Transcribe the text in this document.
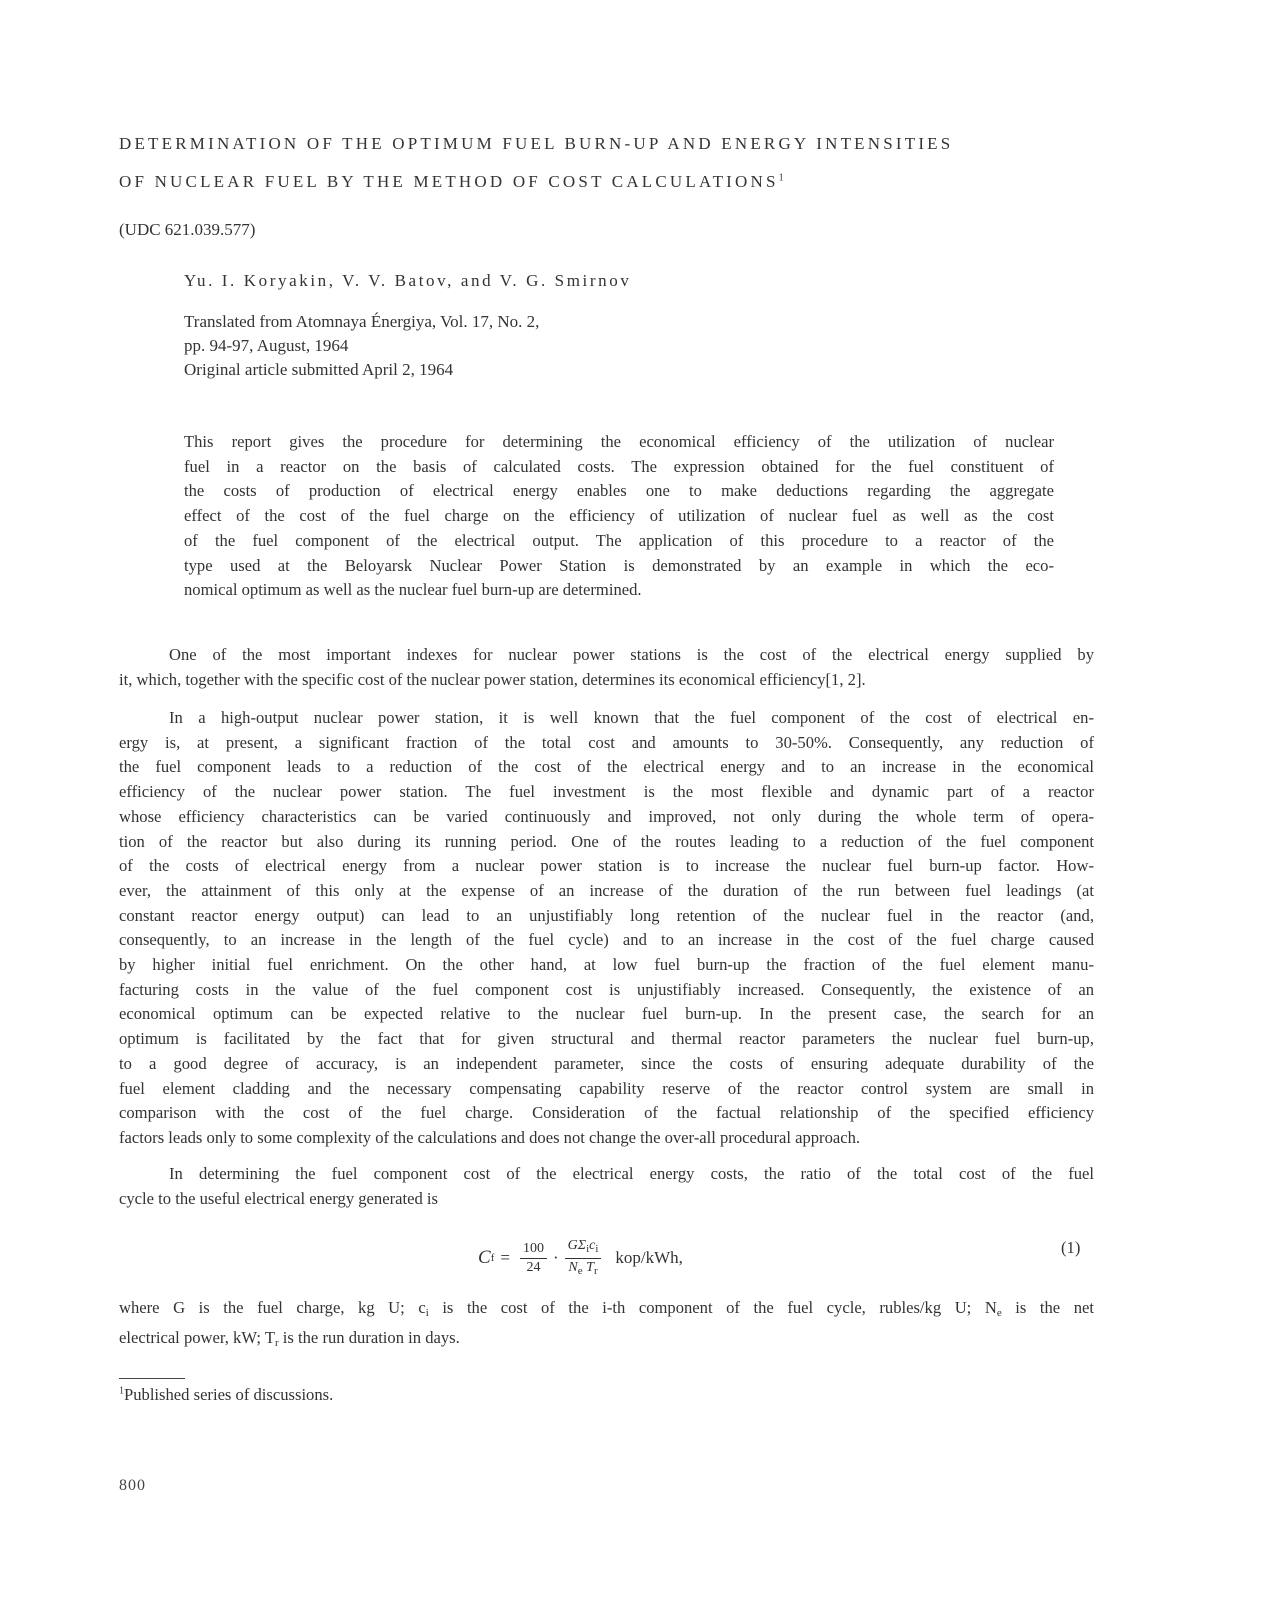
DETERMINATION OF THE OPTIMUM FUEL BURN-UP AND ENERGY INTENSITIES
OF NUCLEAR FUEL BY THE METHOD OF COST CALCULATIONS$^1$
(UDC 621.039.577)
Yu. I. Koryakin, V. V. Batov, and V. G. Smirnov
Translated from Atomnaya Énergiya, Vol. 17, No. 2,
pp. 94-97, August, 1964
Original article submitted April 2, 1964
This report gives the procedure for determining the economical efficiency of the utilization of nuclear
fuel in a reactor on the basis of calculated costs. The expression obtained for the fuel constituent of
the costs of production of electrical energy enables one to make deductions regarding the aggregate
effect of the cost of the fuel charge on the efficiency of utilization of nuclear fuel as well as the cost
of the fuel component of the electrical output. The application of this procedure to a reactor of the
type used at the Beloyarsk Nuclear Power Station is demonstrated by an example in which the eco-
nomical optimum as well as the nuclear fuel burn-up are determined.
One of the most important indexes for nuclear power stations is the cost of the electrical energy supplied by
it, which, together with the specific cost of the nuclear power station, determines its economical efficiency[1, 2].
In a high-output nuclear power station, it is well known that the fuel component of the cost of electrical en-
ergy is, at present, a significant fraction of the total cost and amounts to 30-50%. Consequently, any reduction of
the fuel component leads to a reduction of the cost of the electrical energy and to an increase in the economical
efficiency of the nuclear power station. The fuel investment is the most flexible and dynamic part of a reactor
whose efficiency characteristics can be varied continuously and improved, not only during the whole term of opera-
tion of the reactor but also during its running period. One of the routes leading to a reduction of the fuel component
of the costs of electrical energy from a nuclear power station is to increase the nuclear fuel burn-up factor. How-
ever, the attainment of this only at the expense of an increase of the duration of the run between fuel leadings (at
constant reactor energy output) can lead to an unjustifiably long retention of the nuclear fuel in the reactor (and,
consequently, to an increase in the length of the fuel cycle) and to an increase in the cost of the fuel charge caused
by higher initial fuel enrichment. On the other hand, at low fuel burn-up the fraction of the fuel element manu-
facturing costs in the value of the fuel component cost is unjustifiably increased. Consequently, the existence of an
economical optimum can be expected relative to the nuclear fuel burn-up. In the present case, the search for an
optimum is facilitated by the fact that for given structural and thermal reactor parameters the nuclear fuel burn-up,
to a good degree of accuracy, is an independent parameter, since the costs of ensuring adequate durability of the
fuel element cladding and the necessary compensating capability reserve of the reactor control system are small in
comparison with the cost of the fuel charge. Consideration of the factual relationship of the specified efficiency
factors leads only to some complexity of the calculations and does not change the over-all procedural approach.
In determining the fuel component cost of the electrical energy costs, the ratio of the total cost of the fuel
cycle to the useful electrical energy generated is
C $f = \frac{100}{24} \cdot \frac{G\Sigma_ic_i}{N_e T_r} kop/kWh$,
(1)
where G is the fuel charge, kg U; $c_i$ is the cost of the i-th component of the fuel cycle, rubles/kg U; $N_e$ is the net
electrical power, kW; $T_r$ is the run duration in days.
$^1$Published series of discussions.
800
